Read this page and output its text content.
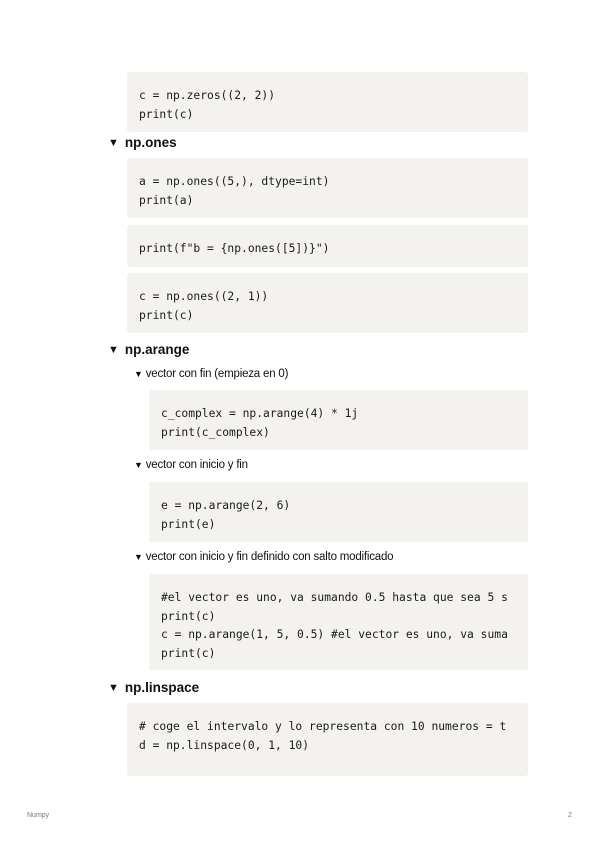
c = np.zeros((2, 2))
print(c)
▼ np.ones
a = np.ones((5,), dtype=int)
print(a)
print(f"b = {np.ones([5])}")
c = np.ones((2, 1))
print(c)
▼ np.arange
▼ vector con fin (empieza en 0)
c_complex = np.arange(4) * 1j
print(c_complex)
▼ vector con inicio y fin
e = np.arange(2, 6)
print(e)
▼ vector con inicio y fin definido con salto modificado
#el vector es uno, va sumando 0.5 hasta que sea 5 s
print(c)
c = np.arange(1, 5, 0.5) #el vector es uno, va suma
print(c)
▼ np.linspace
# coge el intervalo y lo representa con 10 numeros = t
d = np.linspace(0, 1, 10)
Numpy	2
